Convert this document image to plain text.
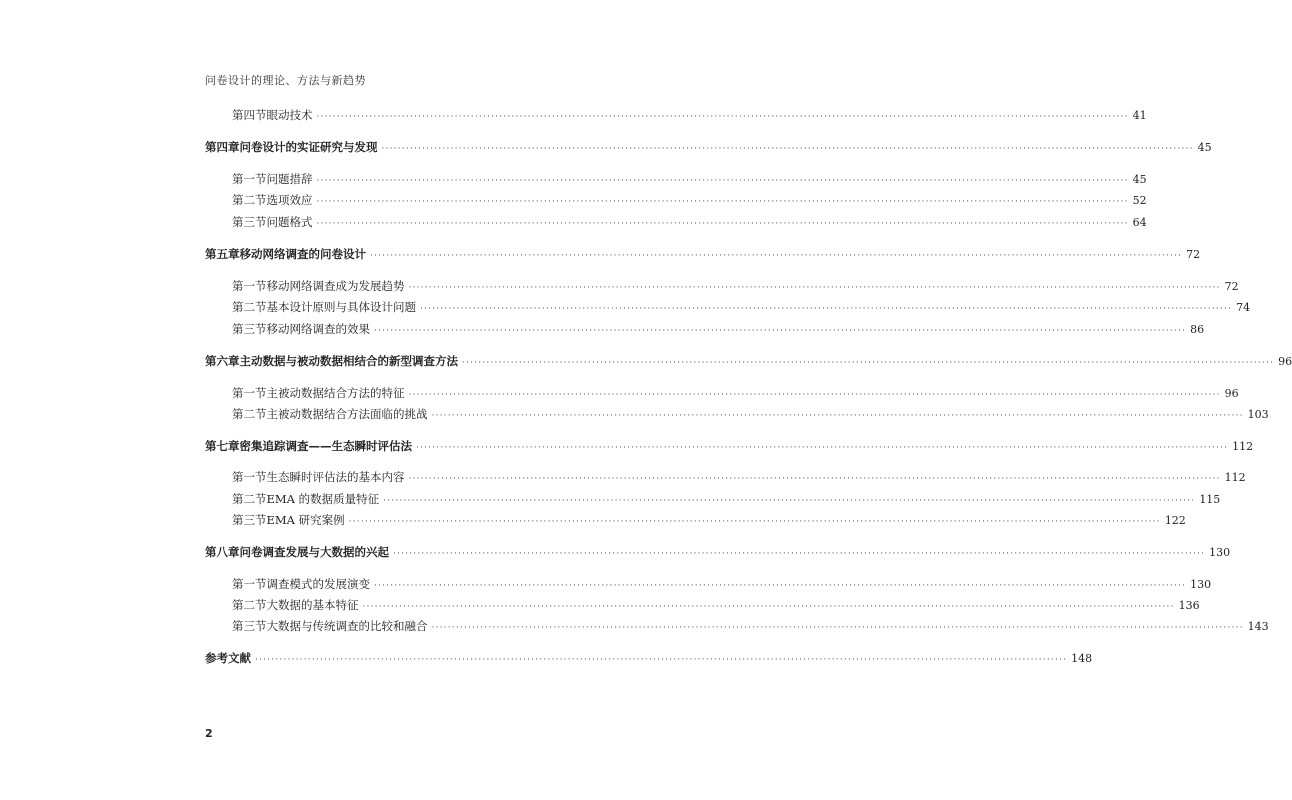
问卷设计的理论、方法与新趋势
第四节 眼动技术 ········································································································································································································ 41
第四章 问卷设计的实证研究与发现 ········································································································································································································ 45
第一节 问题措辞 ········································································································································································································ 45
第二节 选项效应 ········································································································································································································ 52
第三节 问题格式 ········································································································································································································ 64
第五章 移动网络调查的问卷设计 ········································································································································································································ 72
第一节 移动网络调查成为发展趋势 ········································································································································································································ 72
第二节 基本设计原则与具体设计问题 ········································································································································································································ 74
第三节 移动网络调查的效果 ········································································································································································································ 86
第六章 主动数据与被动数据相结合的新型调查方法 ········································································································································································································ 96
第一节 主被动数据结合方法的特征 ········································································································································································································ 96
第二节 主被动数据结合方法面临的挑战 ········································································································································································································ 103
第七章 密集追踪调查——生态瞬时评估法 ········································································································································································································ 112
第一节 生态瞬时评估法的基本内容 ········································································································································································································ 112
第二节 EMA 的数据质量特征 ········································································································································································································ 115
第三节 EMA 研究案例 ········································································································································································································ 122
第八章 问卷调查发展与大数据的兴起 ········································································································································································································ 130
第一节 调查模式的发展演变 ········································································································································································································ 130
第二节 大数据的基本特征 ········································································································································································································ 136
第三节 大数据与传统调查的比较和融合 ········································································································································································································ 143
参考文献 ········································································································································································································ 148
2
